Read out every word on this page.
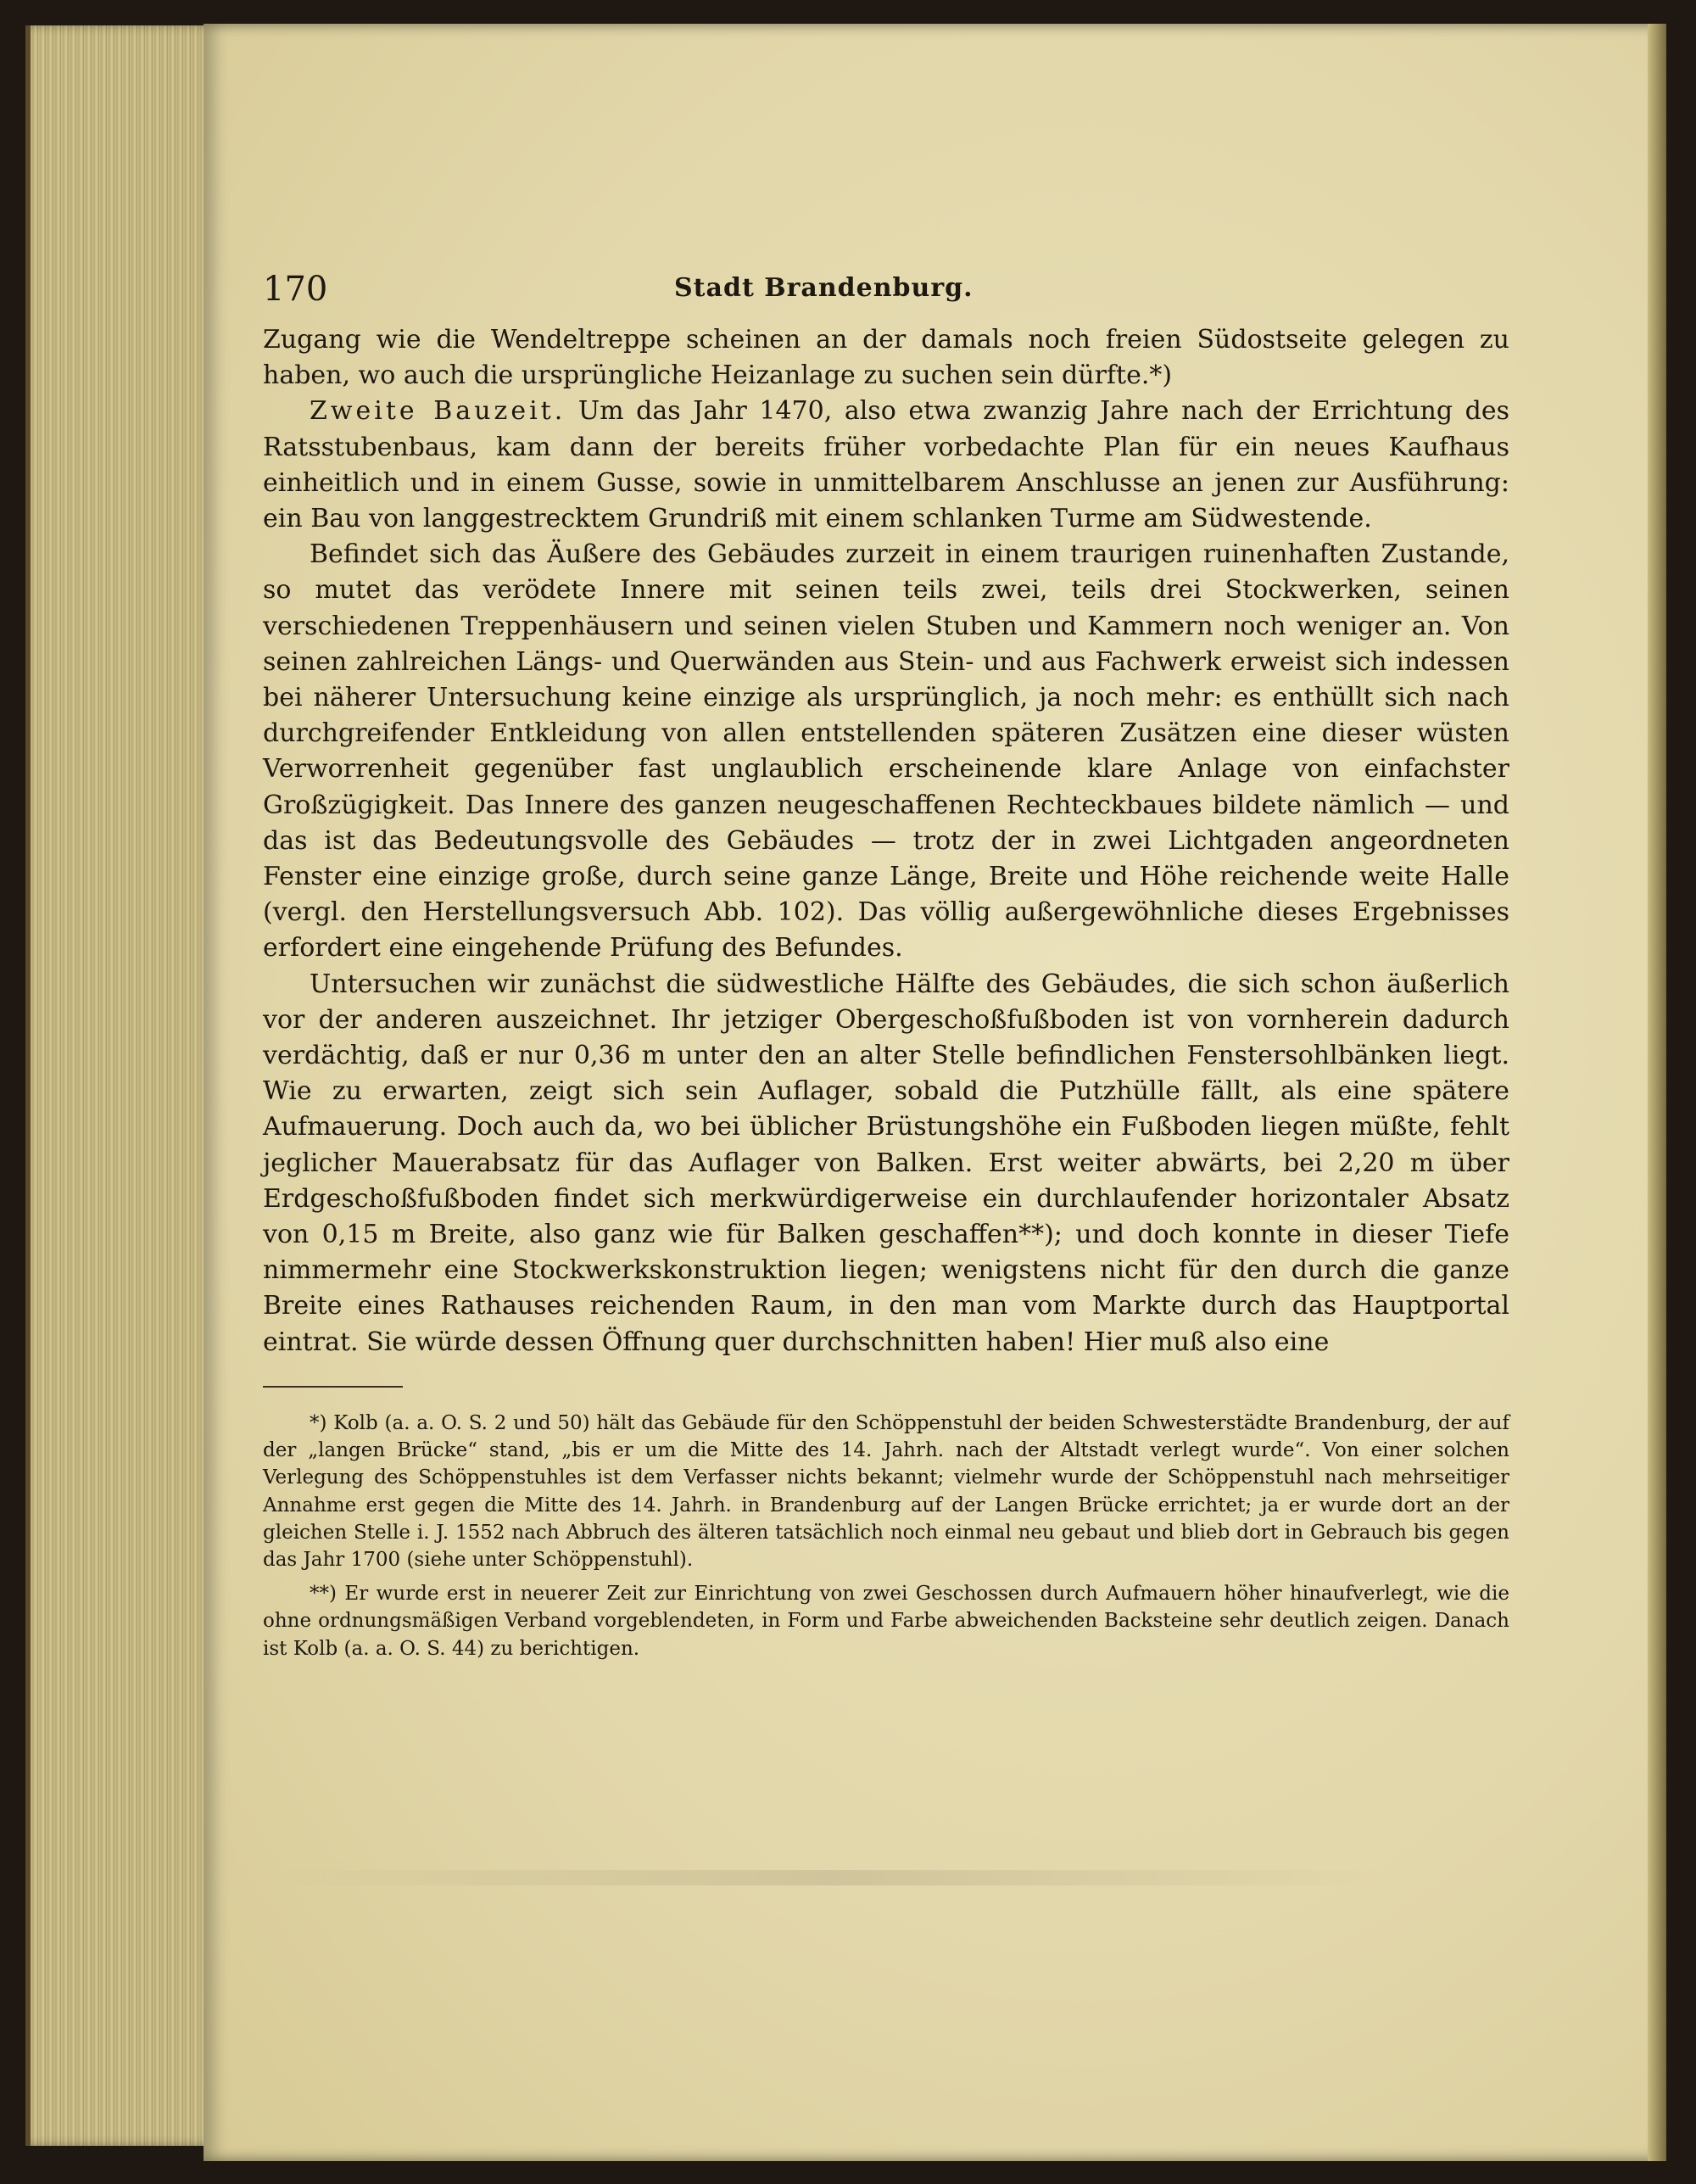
170	Stadt Brandenburg.

Zugang wie die Wendeltreppe scheinen an der damals noch freien Südostseite gelegen zu haben, wo auch die ursprüngliche Heizanlage zu suchen sein dürfte.*)

Zweite Bauzeit. Um das Jahr 1470, also etwa zwanzig Jahre nach der Errichtung des Ratsstubenbaus, kam dann der bereits früher vorbedachte Plan für ein neues Kaufhaus einheitlich und in einem Gusse, sowie in unmittelbarem Anschlusse an jenen zur Ausführung: ein Bau von langgestrecktem Grundriß mit einem schlanken Turme am Südwestende.

Befindet sich das Äußere des Gebäudes zurzeit in einem traurigen ruinenhaften Zustande, so mutet das verödete Innere mit seinen teils zwei, teils drei Stockwerken, seinen verschiedenen Treppenhäusern und seinen vielen Stuben und Kammern noch weniger an. Von seinen zahlreichen Längs- und Querwänden aus Stein- und aus Fachwerk erweist sich indessen bei näherer Untersuchung keine einzige als ursprünglich, ja noch mehr: es enthüllt sich nach durchgreifender Entkleidung von allen entstellenden späteren Zusätzen eine dieser wüsten Verworrenheit gegenüber fast unglaublich erscheinende klare Anlage von einfachster Großzügigkeit. Das Innere des ganzen neugeschaffenen Rechteckbaues bildete nämlich — und das ist das Bedeutungsvolle des Gebäudes — trotz der in zwei Lichtgaden angeordneten Fenster eine einzige große, durch seine ganze Länge, Breite und Höhe reichende weite Halle (vergl. den Herstellungsversuch Abb. 102). Das völlig außergewöhnliche dieses Ergebnisses erfordert eine eingehende Prüfung des Befundes.

Untersuchen wir zunächst die südwestliche Hälfte des Gebäudes, die sich schon äußerlich vor der anderen auszeichnet. Ihr jetziger Obergeschoßfußboden ist von vornherein dadurch verdächtig, daß er nur 0,36 m unter den an alter Stelle befindlichen Fenstersohlbänken liegt. Wie zu erwarten, zeigt sich sein Auflager, sobald die Putzhülle fällt, als eine spätere Aufmauerung. Doch auch da, wo bei üblicher Brüstungshöhe ein Fußboden liegen müßte, fehlt jeglicher Mauerabsatz für das Auflager von Balken. Erst weiter abwärts, bei 2,20 m über Erdgeschoßfußboden findet sich merkwürdigerweise ein durchlaufender horizontaler Absatz von 0,15 m Breite, also ganz wie für Balken geschaffen**); und doch konnte in dieser Tiefe nimmermehr eine Stockwerkskonstruktion liegen; wenigstens nicht für den durch die ganze Breite eines Rathauses reichenden Raum, in den man vom Markte durch das Hauptportal eintrat. Sie würde dessen Öffnung quer durchschnitten haben! Hier muß also eine

*) Kolb (a. a. O. S. 2 und 50) hält das Gebäude für den Schöppenstuhl der beiden Schwesterstädte Brandenburg, der auf der „langen Brücke“ stand, „bis er um die Mitte des 14. Jahrh. nach der Altstadt verlegt wurde“. Von einer solchen Verlegung des Schöppenstuhles ist dem Verfasser nichts bekannt; vielmehr wurde der Schöppenstuhl nach mehrseitiger Annahme erst gegen die Mitte des 14. Jahrh. in Brandenburg auf der Langen Brücke errichtet; ja er wurde dort an der gleichen Stelle i. J. 1552 nach Abbruch des älteren tatsächlich noch einmal neu gebaut und blieb dort in Gebrauch bis gegen das Jahr 1700 (siehe unter Schöppenstuhl).

**) Er wurde erst in neuerer Zeit zur Einrichtung von zwei Geschossen durch Aufmauern höher hinaufverlegt, wie die ohne ordnungsmäßigen Verband vorgeblendeten, in Form und Farbe abweichenden Backsteine sehr deutlich zeigen. Danach ist Kolb (a. a. O. S. 44) zu berichtigen.
